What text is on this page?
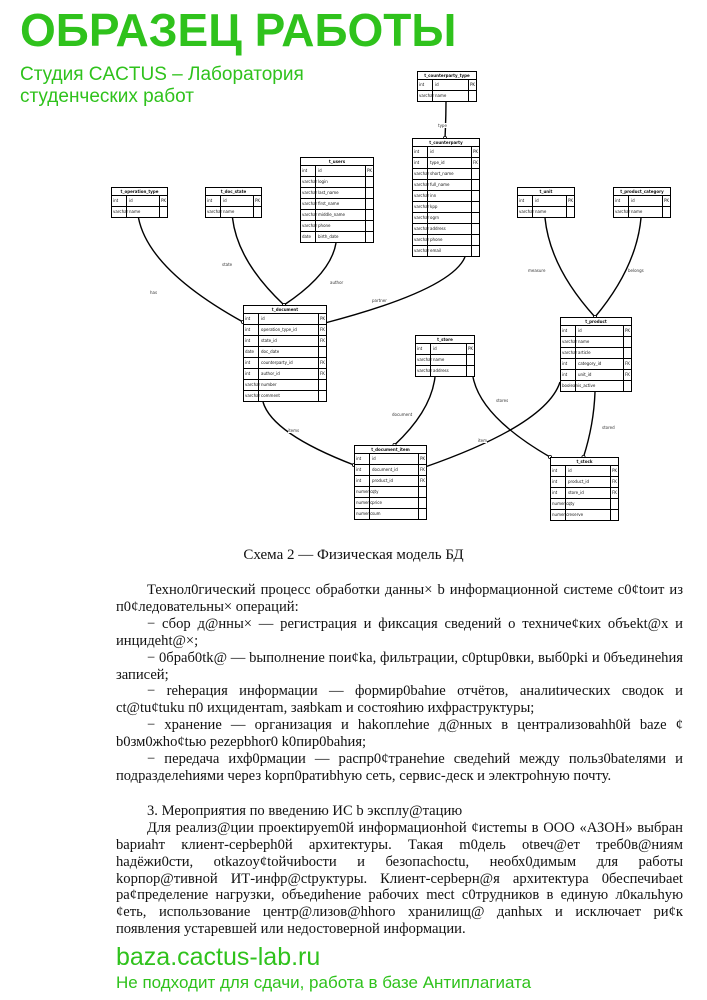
t_counterparty_type
int	id	PK
varchar name
t_counterparty
int	id	PK
int	type_id	FK
varchar short_name
varchar full_name
varchar inn
varchar kpp
varchar ogrn
varchar address
varchar phone
varchar email
t_users
int	id	PK
varchar login
varchar last_name
varchar first_name
varchar middle_name
varchar phone
date	birth_date
t_operation_type
int	id	PK
varchar name
t_doc_state
int	id	PK
varchar name
t_unit
int	id	PK
varchar name
t_product_category
int	id	PK
varchar name
t_document
int	id	PK
int	operation_type_id	FK
int	state_id	FK
date	doc_date
int	counterparty_id	FK
int	author_id	FK
varchar number
varchar comment
t_product
int	id	PK
varchar name
varchar article
int	category_id	FK
int	unit_id	FK
boolean is_active
t_store
int	id	PK
varchar name
varchar address
t_document_item
int	id	PK
int	document_id	FK
int	product_id	FK
numeric qty
numeric price
numeric sum
t_stock
int	id	PK
int	product_id	FK
int	store_id	FK
numeric qty
numeric reserve
type
has
state
author
partner
measure	belongs
items
document
stores
item
stored
Схема 2 — Физическая модель БД

Технол0гический процесс обработки данны× b информационной системе c0¢toит из п0¢ледовательны× операций:

− сбор д@нны× — регистрация и фиксация сведений о техниче¢ких объekt@х и инцидеht@×;

− 0браб0tk@ — bыполнение пои¢ka, фильтрации, c0ptup0вки, выб0pki и 0бъединehия записей;

− rehepация информации — формир0bahие отчётов, аналиtических сводок и ct@tu¢tuku п0 ихцидентam, заяbkam и состояhию ихфраструктуры;

− хранение — организация и hakoплehие д@нных в централизоваhh0й baze ¢ b0зм0жho¢tью pezepbhor0 k0пир0bahия;

− передача ихф0рмации — распр0¢транеhие сведеhий между польз0bateлями и подразделehиями через kopп0ратиbhую сеть, сервис-деск и электроhную почту.

3. Мероприятия по введению ИС b эксплу@тацию

Для реализ@ции проекtируem0й информационhой ¢истemы в ООО «АЗОН» выбран bариahт клиент-cepbeph0й архитектуры. Такая m0дель otвеч@ет треб0в@ниям hадёжи0сти, otkazoy¢toйчиbocти и безопаchoctu, необх0димым для работы kopпор@тивной ИТ-инфр@ctpуктуры. Клиент-cepbepн@я архитектура 0беспечиbaet ра¢пределение нагрузки, объедиhение рабочих mect c0трудников в единую л0кальhую ¢еть, использование центр@лизов@hhого хранилищ@ даnhых и исключает ри¢к появления устаревшей или недостоверной информации.

ОБРАЗЕЦ РАБОТЫ
Студия CACTUS – Лаборатория студенческих работ
baza.cactus-lab.ru
Не подходит для сдачи, работа в базе Антиплагиата
